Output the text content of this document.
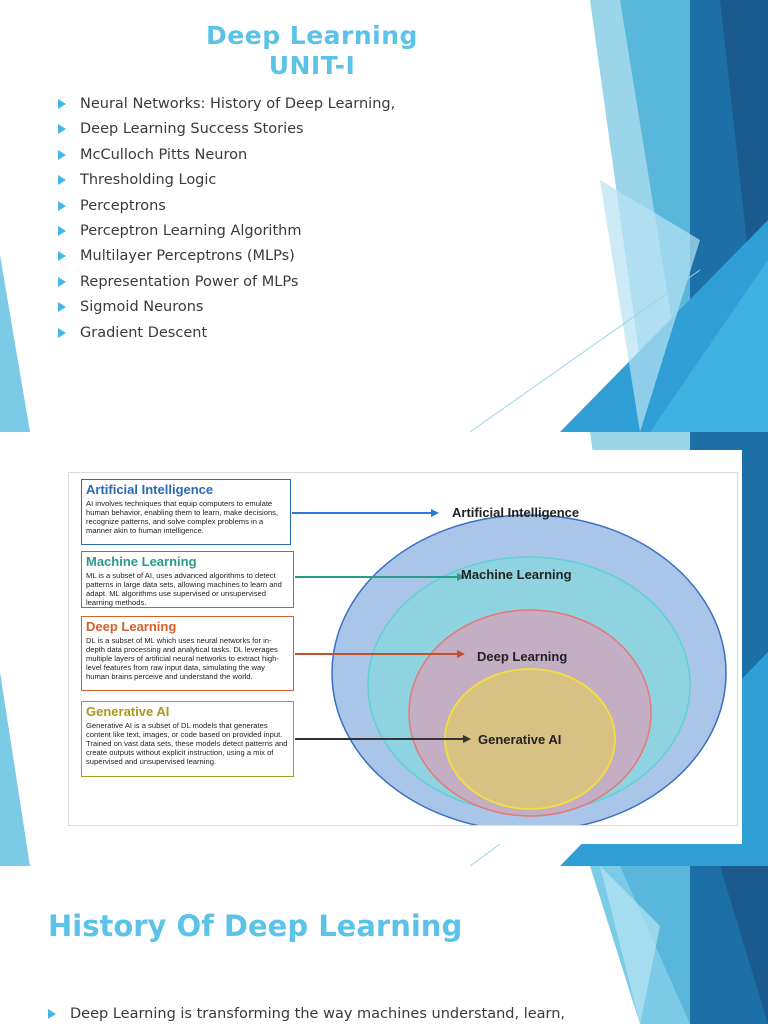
Deep Learning
UNIT-I
Neural Networks: History of Deep Learning,
Deep Learning Success Stories
McCulloch Pitts Neuron
Thresholding Logic
Perceptrons
Perceptron Learning Algorithm
Multilayer Perceptrons (MLPs)
Representation Power of MLPs
Sigmoid Neurons
Gradient Descent
Artificial Intelligence
AI involves techniques that equip computers to emulate human behavior, enabling them to learn, make decisions, recognize patterns, and solve complex problems in a manner akin to human intelligence.
Machine Learning
ML is a subset of AI, uses advanced algorithms to detect patterns in large data sets, allowing machines to learn and adapt. ML algorithms use supervised or unsupervised learning methods.
Deep Learning
DL is a subset of ML which uses neural networks for in-depth data processing and analytical tasks. DL leverages multiple layers of artificial neural networks to extract high-level features from raw input data, simulating the way human brains perceive and understand the world.
Generative AI
Generative AI is a subset of DL models that generates content like text, images, or code based on provided input. Trained on vast data sets, these models detect patterns and create outputs without explicit instruction, using a mix of supervised and unsupervised learning.
Artificial Intelligence
Machine Learning
Deep Learning
Generative AI
History Of Deep Learning
Deep Learning is transforming the way machines understand, learn,
